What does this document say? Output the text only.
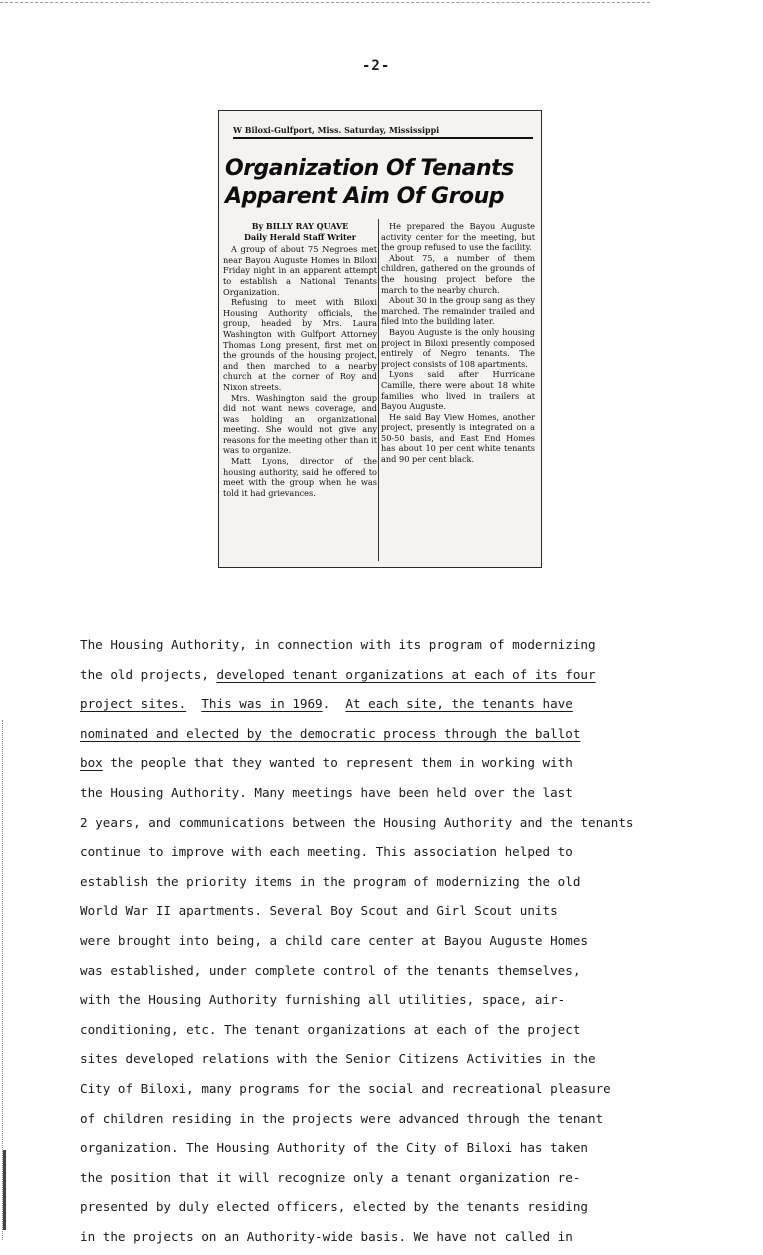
-2-
W Biloxi-Gulfport, Miss. Saturday, Mississippi
Organization Of Tenants
Apparent Aim Of Group
By BILLY RAY QUAVE
Daily Herald Staff Writer

A group of about 75 Negroes met near Bayou Auguste Homes in Biloxi Friday night in an apparent attempt to establish a National Tenants Organization.

Refusing to meet with Biloxi Housing Authority officials, the group, headed by Mrs. Laura Washington with Gulfport Attorney Thomas Long present, first met on the grounds of the housing project, and then marched to a nearby church at the corner of Roy and Nixon streets.

Mrs. Washington said the group did not want news coverage, and was holding an organizational meeting. She would not give any reasons for the meeting other than it was to organize.

Matt Lyons, director of the housing authority, said he offered to meet with the group when he was told it had grievances.

He prepared the Bayou Auguste activity center for the meeting, but the group refused to use the facility.

About 75, a number of them children, gathered on the grounds of the housing project before the march to the nearby church.

About 30 in the group sang as they marched. The remainder trailed and filed into the building later.

Bayou Auguste is the only housing project in Biloxi presently composed entirely of Negro tenants. The project consists of 108 apartments.

Lyons said after Hurricane Camille, there were about 18 white families who lived in trailers at Bayou Auguste.

He said Bay View Homes, another project, presently is integrated on a 50-50 basis, and East End Homes has about 10 per cent white tenants and 90 per cent black.

The Housing Authority, in connection with its program of modernizing
the old projects, developed tenant organizations at each of its four
project sites. This was in 1969.  At each site, the tenants have
nominated and elected by the democratic process through the ballot
box the people that they wanted to represent them in working with
the Housing Authority. Many meetings have been held over the last
2 years, and communications between the Housing Authority and the tenants
continue to improve with each meeting. This association helped to
establish the priority items in the program of modernizing the old
World War II apartments. Several Boy Scout and Girl Scout units
were brought into being, a child care center at Bayou Auguste Homes
was established, under complete control of the tenants themselves,
with the Housing Authority furnishing all utilities, space, air-
conditioning, etc. The tenant organizations at each of the project
sites developed relations with the Senior Citizens Activities in the
City of Biloxi, many programs for the social and recreational pleasure
of children residing in the projects were advanced through the tenant
organization. The Housing Authority of the City of Biloxi has taken
the position that it will recognize only a tenant organization re-
presented by duly elected officers, elected by the tenants residing
in the projects on an Authority-wide basis. We have not called in
